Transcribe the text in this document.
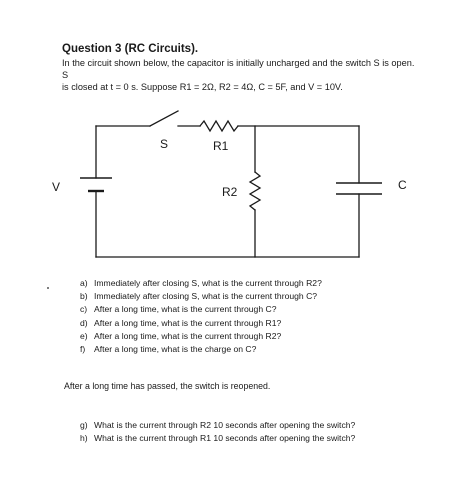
Question 3 (RC Circuits).

In the circuit shown below, the capacitor is initially uncharged and the switch S is open. S

is closed at t = 0 s. Suppose R1 = 2Ω, R2 = 4Ω, C = 5F, and V = 10V.

S	R1
R2
V	C
a) Immediately after closing S, what is the current through R2?
b) Immediately after closing S, what is the current through C?
c) After a long time, what is the current through C?
d) After a long time, what is the current through R1?
e) After a long time, what is the current through R2?
f) After a long time, what is the charge on C?
After a long time has passed, the switch is reopened.
g) What is the current through R2 10 seconds after opening the switch?
h) What is the current through R1 10 seconds after opening the switch?
